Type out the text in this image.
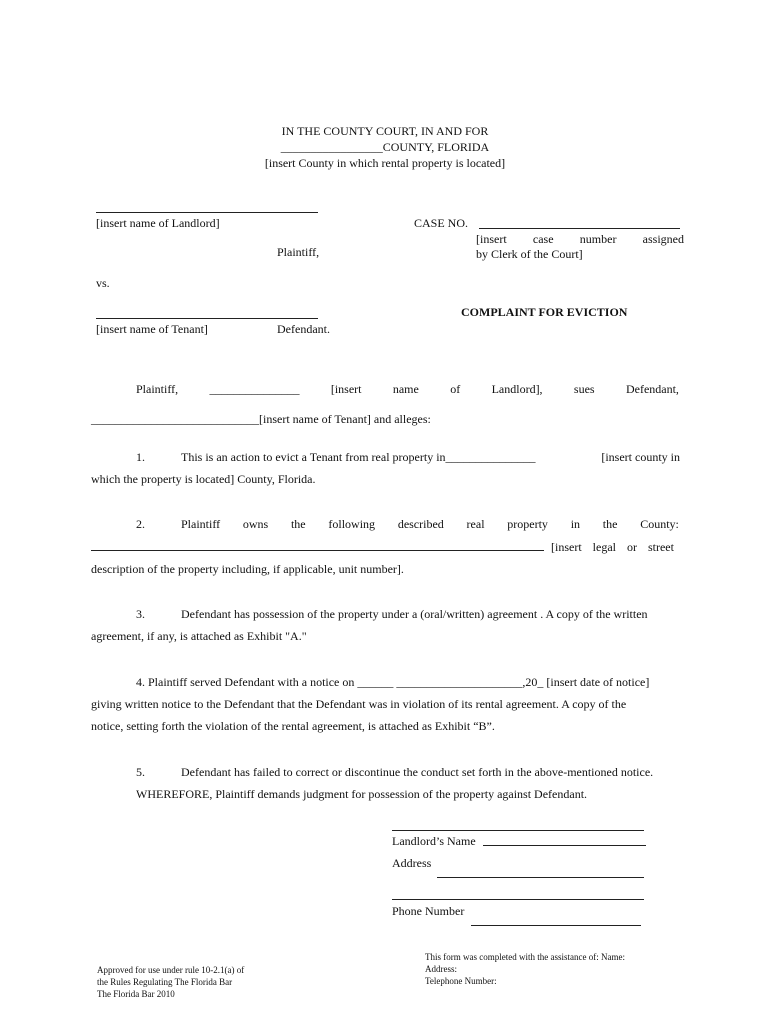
IN THE COUNTY COURT, IN AND FOR
_________________COUNTY, FLORIDA
[insert County in which rental property is located]
[insert name of Landlord]
Plaintiff,
CASE NO.
[insert case number assigned
by Clerk of the Court]
vs.
[insert name of Tenant]	Defendant.
COMPLAINT FOR EVICTION
Plaintiff,	_______________	[insert	name	of	Landlord],	sues	Defendant,
____________________________[insert name of Tenant] and alleges:
1.	This is an action to evict a Tenant from real property in_______________	[insert county in
which the property is located] County, Florida.
2.	Plaintiff owns the following described real property in the County:
[insert legal or street
description of the property including, if applicable, unit number].
3.	Defendant has possession of the property under a (oral/written) agreement . A copy of the written
agreement, if any, is attached as Exhibit "A."
4. Plaintiff served Defendant with a notice on ______ _____________________,20_ [insert date of notice]
giving written notice to the Defendant that the Defendant was in violation of its rental agreement. A copy of the
notice, setting forth the violation of the rental agreement, is attached as Exhibit “B”.
5.	Defendant has failed to correct or discontinue the conduct set forth in the above-mentioned notice.
WHEREFORE, Plaintiff demands judgment for possession of the property against Defendant.
Landlord’s Name
Address
Phone Number
Approved for use under rule 10-2.1(a) of
the Rules Regulating The Florida Bar
The Florida Bar 2010
This form was completed with the assistance of: Name:
Address:
Telephone Number:
